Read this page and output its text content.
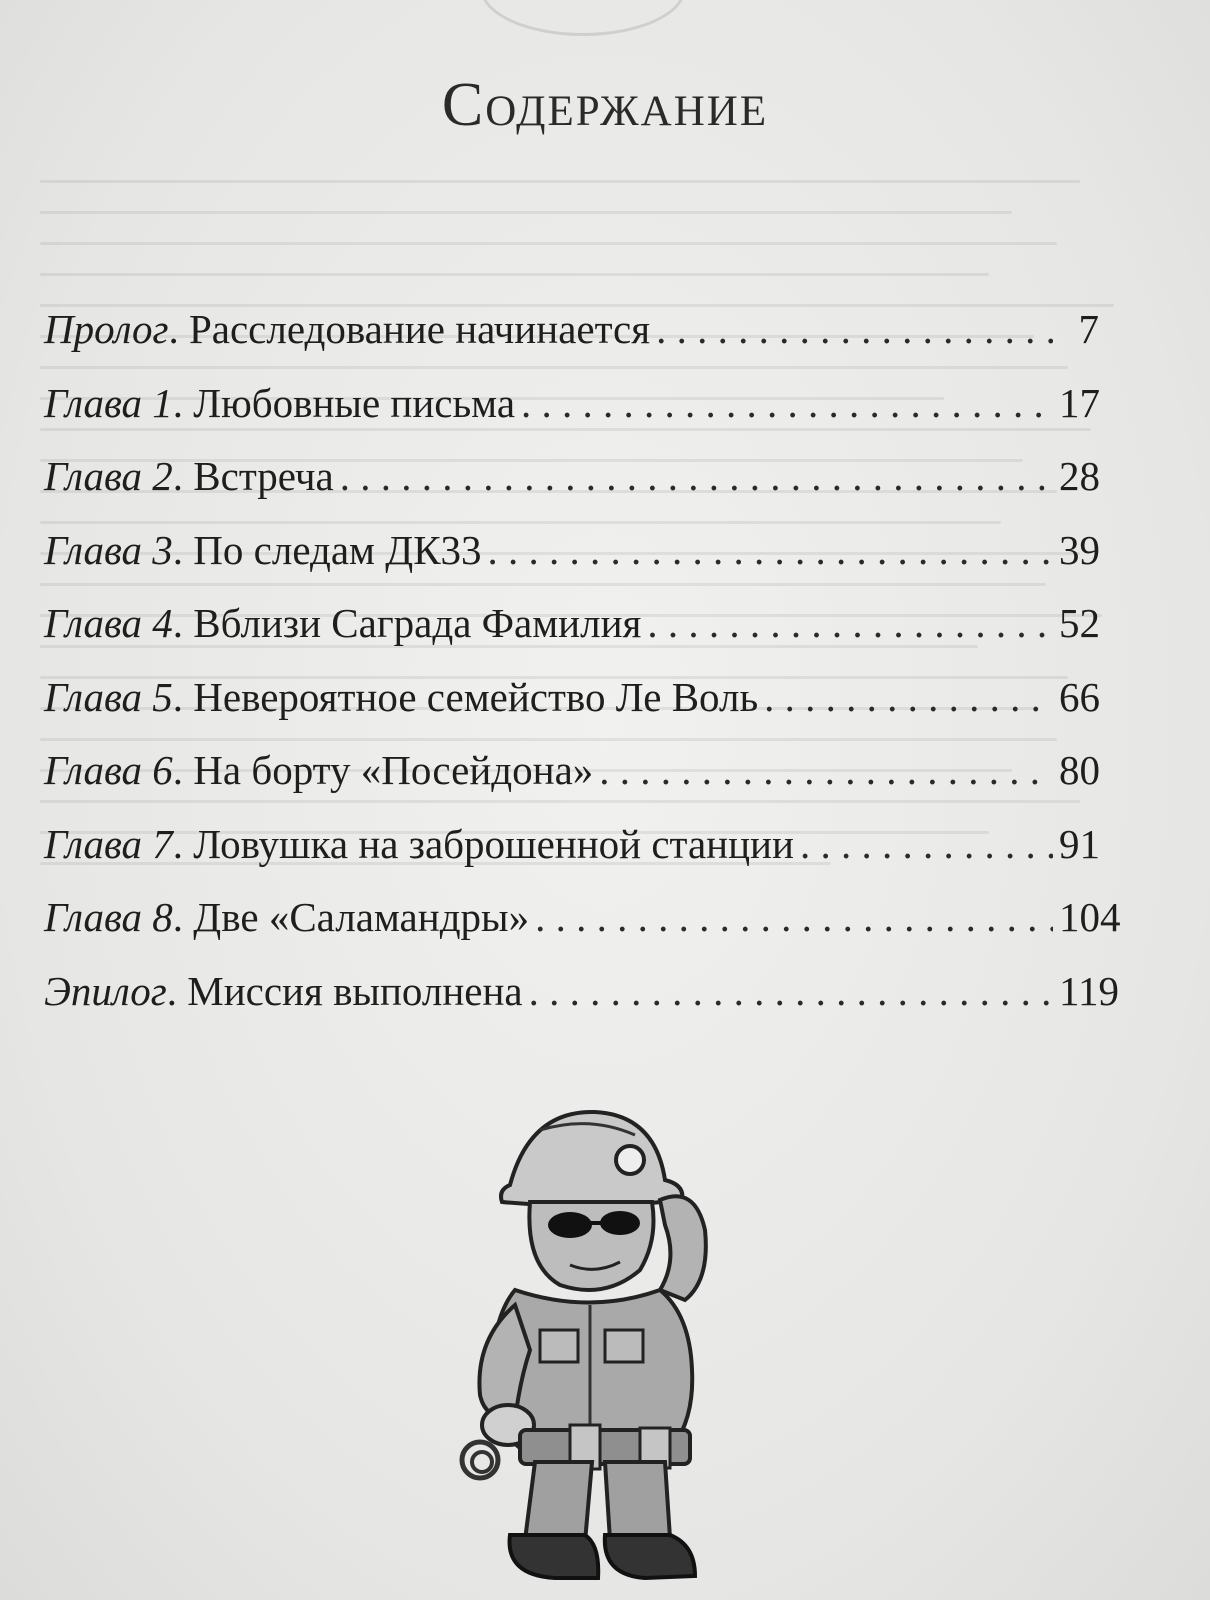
Содержание
Пролог . Расследование начинается . . .	7
Глава 1 . Любовные письма . . .	17
Глава 2 . Встреча . . .	28
Глава 3 . По следам ДК33 . . .	39
Глава 4 . Вблизи Саграда Фамилия . . .	52
Глава 5 . Невероятное семейство Ле Воль . . .	66
Глава 6 . На борту «Посейдона» . . .	80
Глава 7 . Ловушка на заброшенной станции . . .	91
Глава 8 . Две «Саламандры» . . .	104
Эпилог . Миссия выполнена . . .	119
